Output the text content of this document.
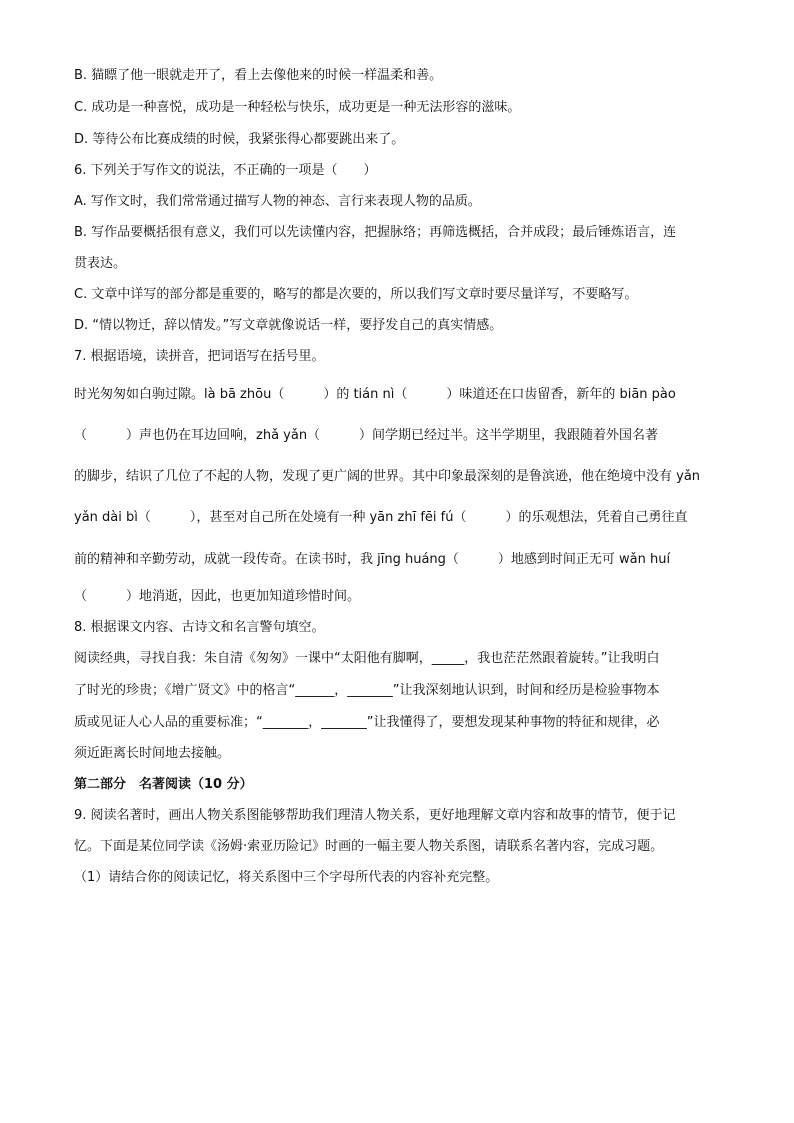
B. 猫瞟了他一眼就走开了，看上去像他来的时候一样温柔和善。
C. 成功是一种喜悦，成功是一种轻松与快乐，成功更是一种无法形容的滋味。
D. 等待公布比赛成绩的时候，我紧张得心都要跳出来了。
6. 下列关于写作文的说法，不正确的一项是（　　）
A. 写作文时，我们常常通过描写人物的神态、言行来表现人物的品质。
B. 写作品要概括很有意义，我们可以先读懂内容，把握脉络；再筛选概括，合并成段；最后锤炼语言，连
贯表达。
C. 文章中详写的部分都是重要的，略写的都是次要的，所以我们写文章时要尽量详写，不要略写。
D. “情以物迁，辞以情发。”写文章就像说话一样，要抒发自己的真实情感。
7. 根据语境，读拼音，把词语写在括号里。
时光匆匆如白驹过隙。là bā zhōu（　　　）的 tián nì（　　　）味道还在口齿留香，新年的 biān pào
（　　　）声也仍在耳边回响，zhǎ yǎn（　　　）间学期已经过半。这半学期里，我跟随着外国名著
的脚步，结识了几位了不起的人物，发现了更广阔的世界。其中印象最深刻的是鲁滨逊，他在绝境中没有 yǎn
yǎn dài bì（　　　），甚至对自己所在处境有一种 yān zhī fēi fú（　　　）的乐观想法，凭着自己勇往直
前的精神和辛勤劳动，成就一段传奇。在读书时，我 jīng huáng（　　　）地感到时间正无可 wǎn huí
（　　　）地消逝，因此，也更加知道珍惜时间。
8. 根据课文内容、古诗文和名言警句填空。
阅读经典，寻找自我：朱自清《匆匆》一课中“太阳他有脚啊，_____，我也茫茫然跟着旋转。”让我明白
了时光的珍贵；《增广贤文》中的格言“______，_______”让我深刻地认识到，时间和经历是检验事物本
质或见证人心人品的重要标准；“_______，_______”让我懂得了，要想发现某种事物的特征和规律，必
须近距离长时间地去接触。
第二部分　名著阅读（10 分）
9. 阅读名著时，画出人物关系图能够帮助我们理清人物关系，更好地理解文章内容和故事的情节，便于记
忆。下面是某位同学读《汤姆·索亚历险记》时画的一幅主要人物关系图，请联系名著内容，完成习题。
（1）请结合你的阅读记忆，将关系图中三个字母所代表的内容补充完整。
